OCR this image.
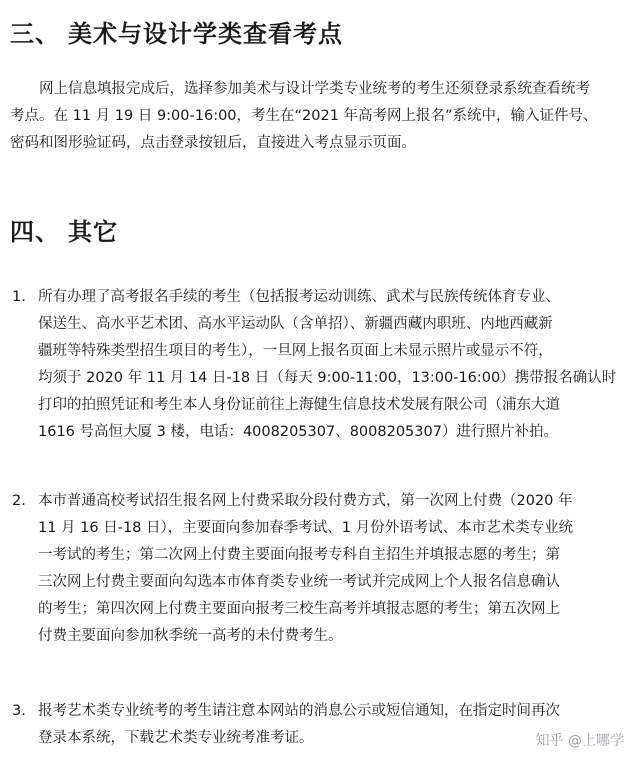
三、 美术与设计学类查看考点
　　网上信息填报完成后，选择参加美术与设计学类专业统考的考生还须登录系统查看统考
考点。在 11 月 19 日 9:00-16:00，考生在“2021 年高考网上报名”系统中，输入证件号、
密码和图形验证码，点击登录按钮后，直接进入考点显示页面。
四、 其它
1. 所有办理了高考报名手续的考生（包括报考运动训练、武术与民族传统体育专业、
保送生、高水平艺术团、高水平运动队（含单招）、新疆西藏内职班、内地西藏新
疆班等特殊类型招生项目的考生），一旦网上报名页面上未显示照片或显示不符，
均须于 2020 年 11 月 14 日-18 日（每天 9:00-11:00，13:00-16:00）携带报名确认时
打印的拍照凭证和考生本人身份证前往上海健生信息技术发展有限公司（浦东大道
1616 号高恒大厦 3 楼，电话：4008205307、8008205307）进行照片补拍。
2. 本市普通高校考试招生报名网上付费采取分段付费方式，第一次网上付费（2020 年
11 月 16 日-18 日），主要面向参加春季考试、1 月份外语考试、本市艺术类专业统
一考试的考生；第二次网上付费主要面向报考专科自主招生并填报志愿的考生；第
三次网上付费主要面向勾选本市体育类专业统一考试并完成网上个人报名信息确认
的考生；第四次网上付费主要面向报考三校生高考并填报志愿的考生；第五次网上
付费主要面向参加秋季统一高考的未付费考生。
3. 报考艺术类专业统考的考生请注意本网站的消息公示或短信通知，在指定时间再次
登录本系统，下载艺术类专业统考准考证。	知乎 @上哪学
